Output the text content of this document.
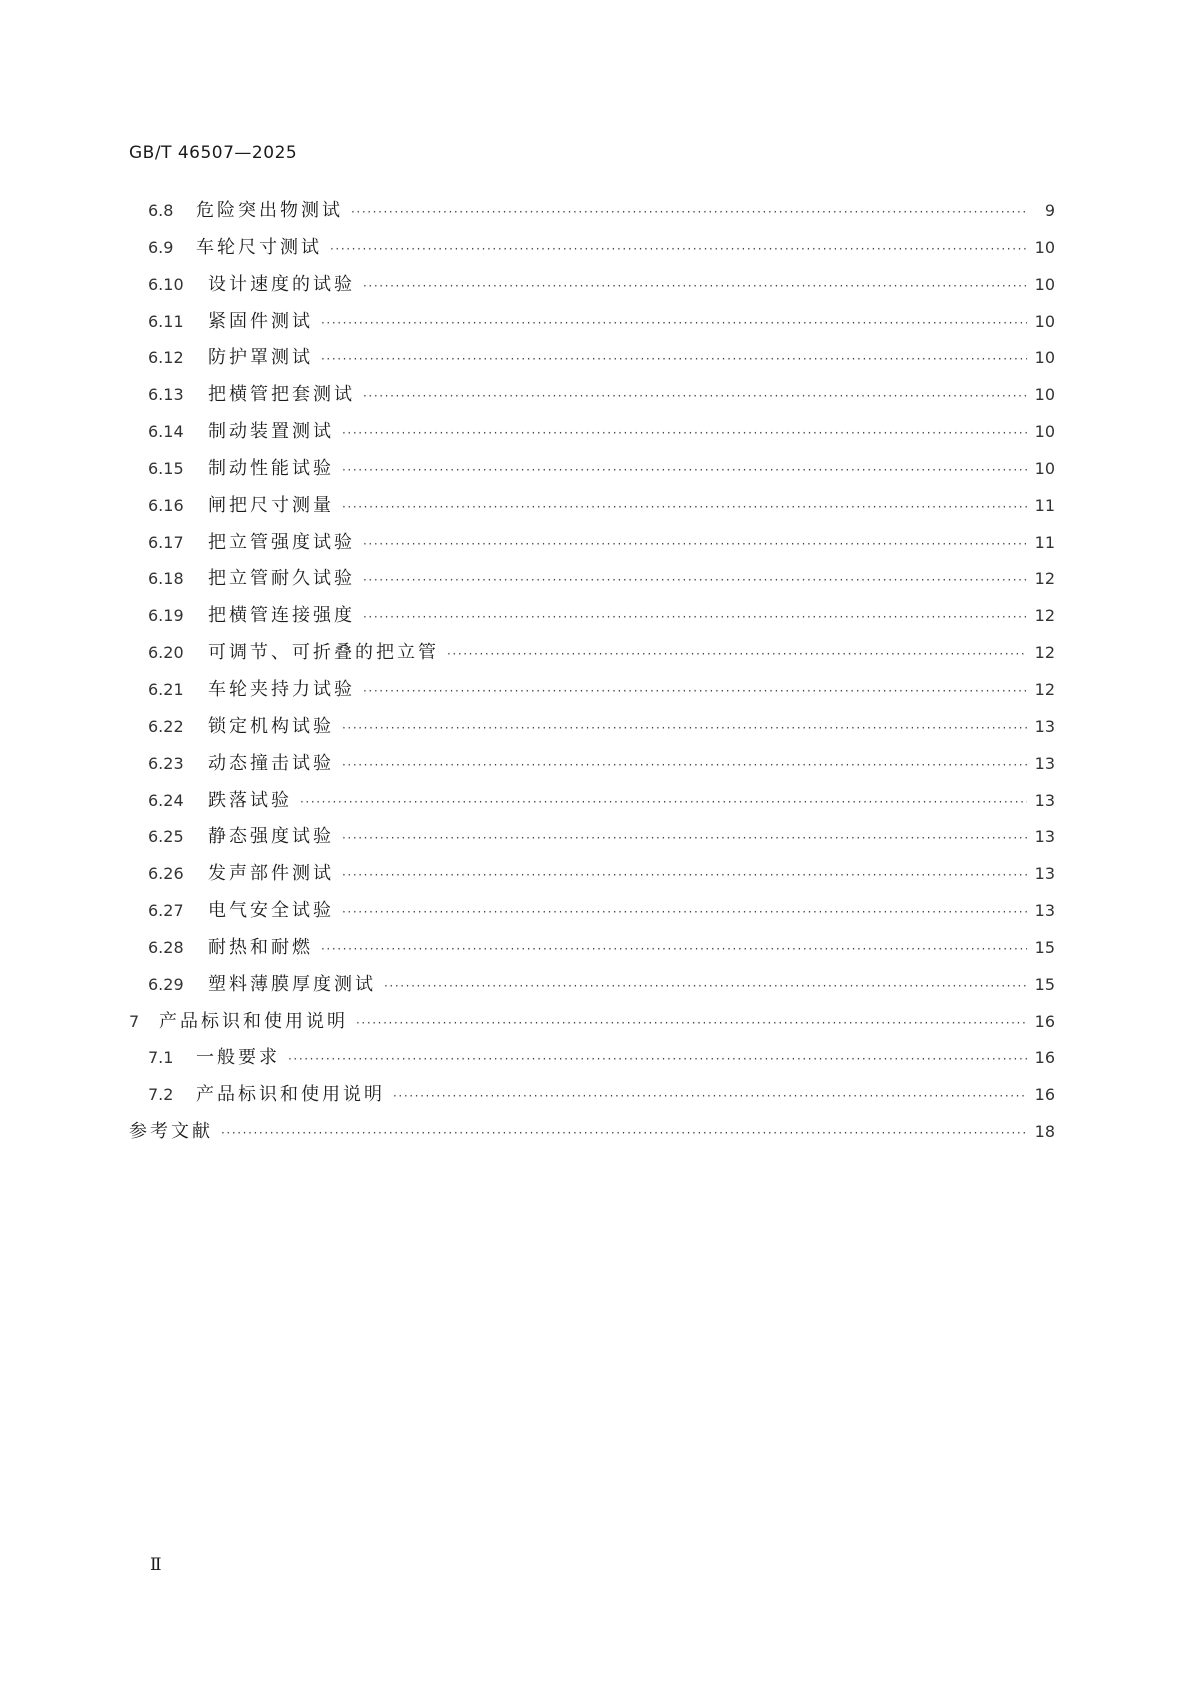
GB/T 46507—2025
6.8	危险突出物测试 ·····	9
6.9	车轮尺寸测试 ·····	10
6.10	设计速度的试验 ·····	10
6.11	紧固件测试 ·····	10
6.12	防护罩测试 ·····	10
6.13	把横管把套测试 ·····	10
6.14	制动装置测试 ·····	10
6.15	制动性能试验 ·····	10
6.16	闸把尺寸测量 ·····	11
6.17	把立管强度试验 ·····	11
6.18	把立管耐久试验 ·····	12
6.19	把横管连接强度 ·····	12
6.20	可调节、可折叠的把立管 ·····	12
6.21	车轮夹持力试验 ·····	12
6.22	锁定机构试验 ·····	13
6.23	动态撞击试验 ·····	13
6.24	跌落试验 ·····	13
6.25	静态强度试验 ·····	13
6.26	发声部件测试 ·····	13
6.27	电气安全试验 ·····	13
6.28	耐热和耐燃 ·····	15
6.29	塑料薄膜厚度测试 ·····	15
7	产品标识和使用说明 ·····	16
7.1	一般要求 ·····	16
7.2	产品标识和使用说明 ·····	16
参考文献 ·····	18
Ⅱ
